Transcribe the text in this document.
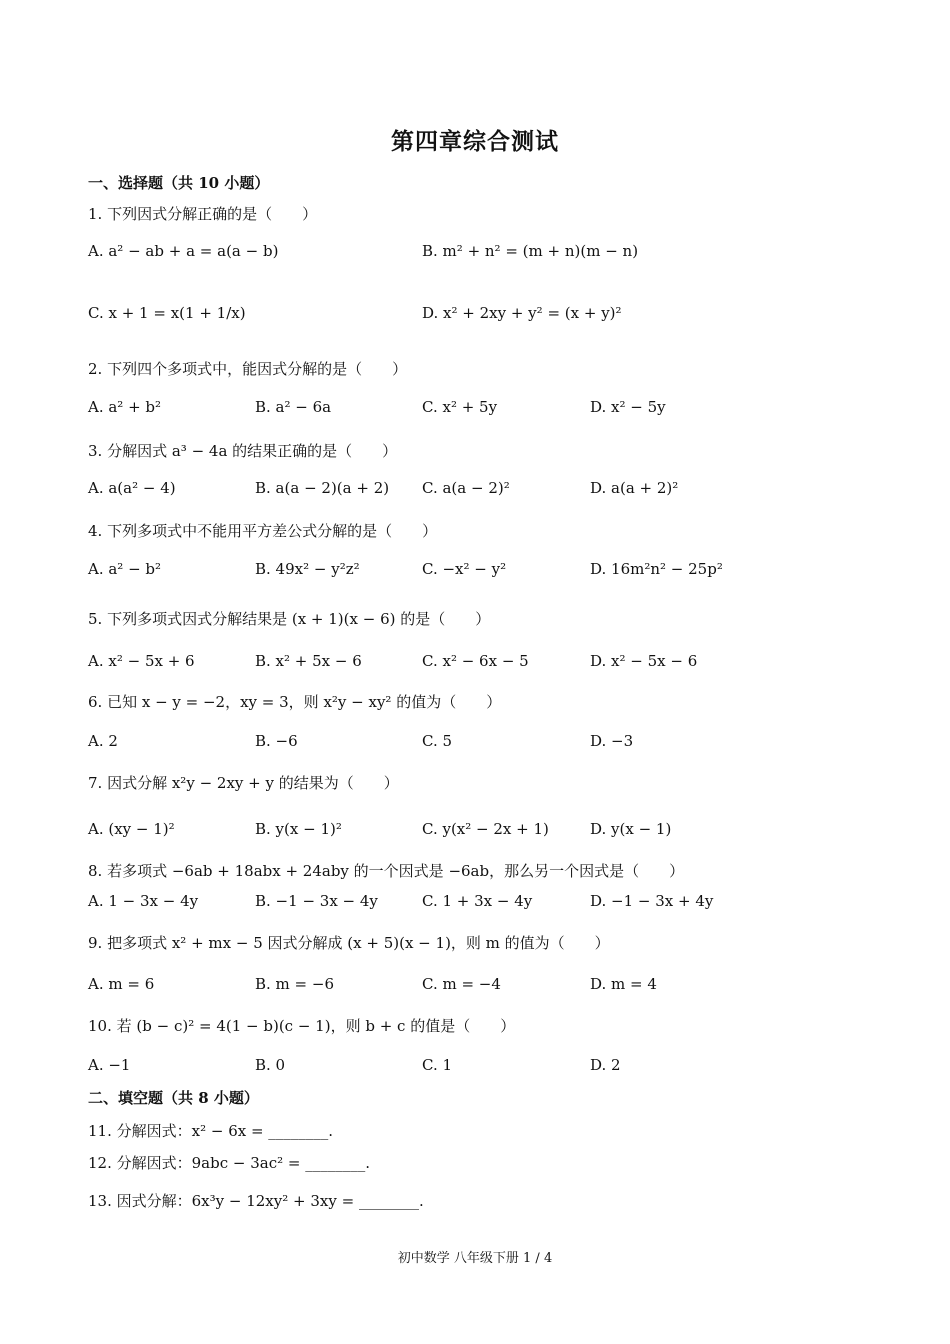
第四章综合测试
一、选择题（共 10 小题）
1. 下列因式分解正确的是（　　）
A. a² − ab + a = a(a − b)	B. m² + n² = (m + n)(m − n)
C. x + 1 = x(1 + 1/x)	D. x² + 2xy + y² = (x + y)²
2. 下列四个多项式中，能因式分解的是（　　）
A. a² + b²	B. a² − 6a	C. x² + 5y	D. x² − 5y
3. 分解因式 a³ − 4a 的结果正确的是（　　）
A. a(a² − 4)	B. a(a − 2)(a + 2) C. a(a − 2)²	D. a(a + 2)²
4. 下列多项式中不能用平方差公式分解的是（　　）
A. a² − b²	B. 49x² − y²z²	C. −x² − y²	D. 16m²n² − 25p²
5. 下列多项式因式分解结果是 (x + 1)(x − 6) 的是（　　）
A. x² − 5x + 6	B. x² + 5x − 6	C. x² − 6x − 5	D. x² − 5x − 6
6. 已知 x − y = −2，xy = 3，则 x²y − xy² 的值为（　　）
A. 2	B. −6	C. 5	D. −3
7. 因式分解 x²y − 2xy + y 的结果为（　　）
A. (xy − 1)²	B. y(x − 1)²	C. y(x² − 2x + 1)	D. y(x − 1)
8. 若多项式 −6ab + 18abx + 24aby 的一个因式是 −6ab，那么另一个因式是（　　）
A. 1 − 3x − 4y	B. −1 − 3x − 4y	C. 1 + 3x − 4y	D. −1 − 3x + 4y
9. 把多项式 x² + mx − 5 因式分解成 (x + 5)(x − 1)，则 m 的值为（　　）
A. m = 6	B. m = −6	C. m = −4	D. m = 4
10. 若 (b − c)² = 4(1 − b)(c − 1)，则 b + c 的值是（　　）
A. −1	B. 0	C. 1	D. 2
二、填空题（共 8 小题）
11. 分解因式：x² − 6x = ________.
12. 分解因式：9abc − 3ac² = ________.
13. 因式分解：6x³y − 12xy² + 3xy = ________.
初中数学 八年级下册 1 / 4
